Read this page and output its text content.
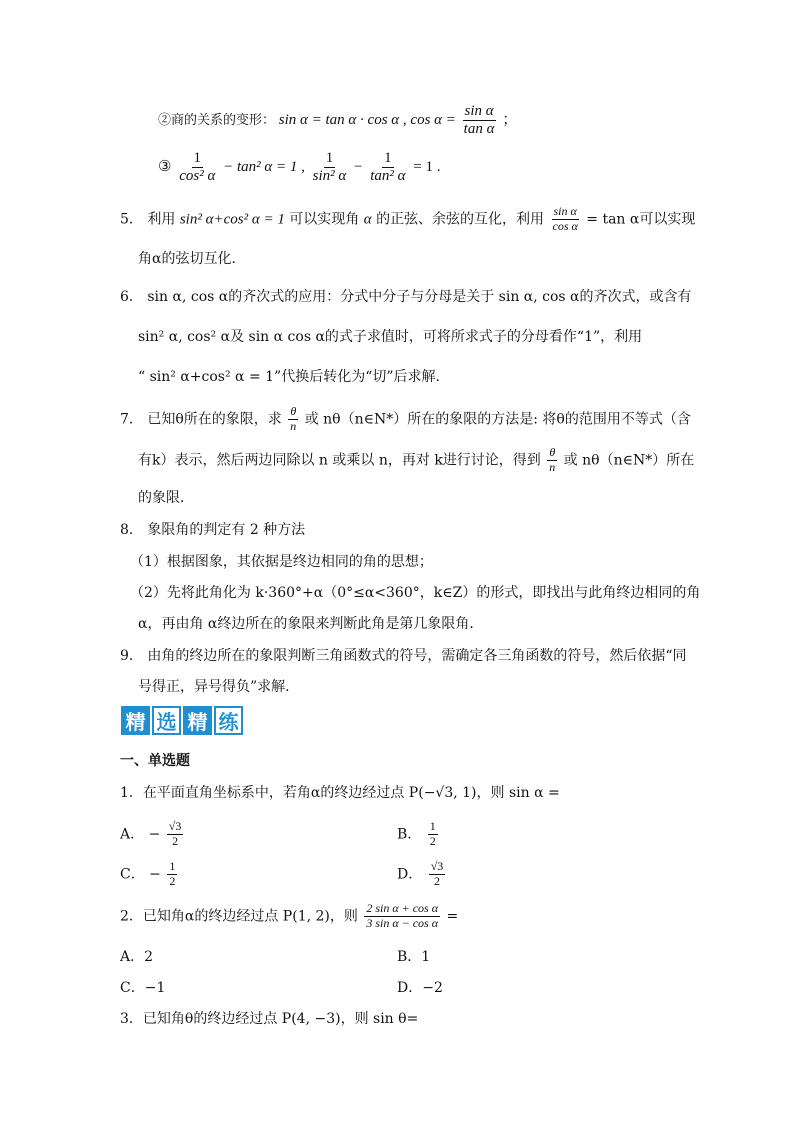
②商的关系的变形： sin α = tan α · cos α , $\cos \alpha = \frac{\text{sin α}}{\text{tan α}}$ ；
③ $\frac{1}{\text{cos² α}} - \tan^2$ α = 1 , $\frac{1}{\text{sin² α}} - \frac{1}{\text{tan² α}} = 1$ .
5． 利用 sin² α+cos² α = 1 可以实现角 α 的正弦、余弦的互化，利用 $\frac{\text{sin α}}{\text{cos α}} = \tan \alpha$可以实现
角α的弦切互化．
6． sin α, cos α的齐次式的应用：分式中分子与分母是关于 sin α, cos α的齐次式，或含有
sin² α, cos² α及 sin α cos α的式子求值时，可将所求式子的分母看作“1”，利用
“ sin² α+cos² α = 1”代换后转化为“切”后求解.
7． 已知θ所在的象限，求 $\frac{\theta}{n}$ 或 nθ（n∈N*）所在的象限的方法是: 将θ的范围用不等式（含
有k）表示，然后两边同除以 n 或乘以 n，再对 k进行讨论，得到 $\frac{\theta}{n}$ 或 nθ（n∈N*）所在
的象限．
8． 象限角的判定有 2 种方法
（1）根据图象，其依据是终边相同的角的思想；
（2）先将此角化为 k·360°+α（0°≤α<360°，k∈Z）的形式，即找出与此角终边相同的角
α，再由角 α终边所在的象限来判断此角是第几象限角．
9． 由角的终边所在的象限判断三角函数式的符号，需确定各三角函数的符号，然后依据“同
号得正，异号得负”求解.
精 选 精 练
一、单选题
1．在平面直角坐标系中，若角α的终边经过点 P(−√3, 1)，则 sin α =
A． − $\frac{√3}{2}$	B． $\frac{1}{2}$
C． − $\frac{1}{2}$	D． $\frac{√3}{2}$
2．已知角α的终边经过点 P(1, 2)，则 $\frac{\text{2 sin α + cos α}}{\text{3 sin α − cos α}}$ =
A．2	B．1
C．−1	D．−2
3．已知角θ的终边经过点 P(4, −3)，则 sin θ=
